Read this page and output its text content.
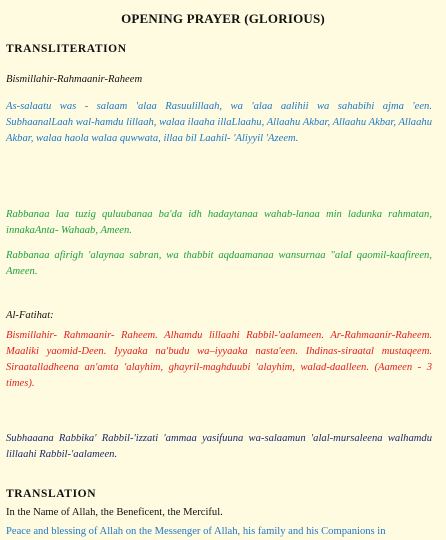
OPENING PRAYER (GLORIOUS)
TRANSLITERATION

Bismillahir-Rahmaanir-Raheem

As-salaatu was - salaam 'alaa Rasuulillaah, wa 'alaa aalihii wa sahabihi ajma 'een. SubhaanalLaah wal-hamdu lillaah, walaa ilaaha illaLlaahu, Allaahu Akbar, Allaahu Akbar, Allaahu Akbar, walaa haola walaa quwwata, illaa bil Laahil- 'Aliyyil 'Azeem.

Rabbanaa laa tuzig quluubanaa ba'da idh hadaytanaa wahab-lanaa min ladunka rahmatan, innakaAnta- Wahaab, Ameen.

Rabbanaa afirigh 'alaynaa sabran, wa thabbit aqdaamanaa wansurnaa "alaI qaomil-kaafireen, Ameen.

Al-Fatihat:

Bismillahir- Rahmaanir- Raheem. Alhamdu lillaahi Rabbil-'aalameen. Ar-Rahmaanir-Raheem. Maaliki yaomid-Deen. Iyyaaka na'budu wa–iyyaaka nasta'een. Ihdinas-siraatal mustaqeem. Siraatalladheena an'amta 'alayhim, ghayril-maghduubi 'alayhim, walad-daalleen. (Aameen - 3 times).

Subhaaana Rabbika' Rabbil-'izzati 'ammaa yasifuuna wa-salaamun 'alal-mursaleena walhamdu lillaahi Rabbil-'aalameen.

TRANSLATION

In the Name of Allah, the Beneficent, the Merciful.

Peace and blessing of Allah on the Messenger of Allah, his family and his Companions in
